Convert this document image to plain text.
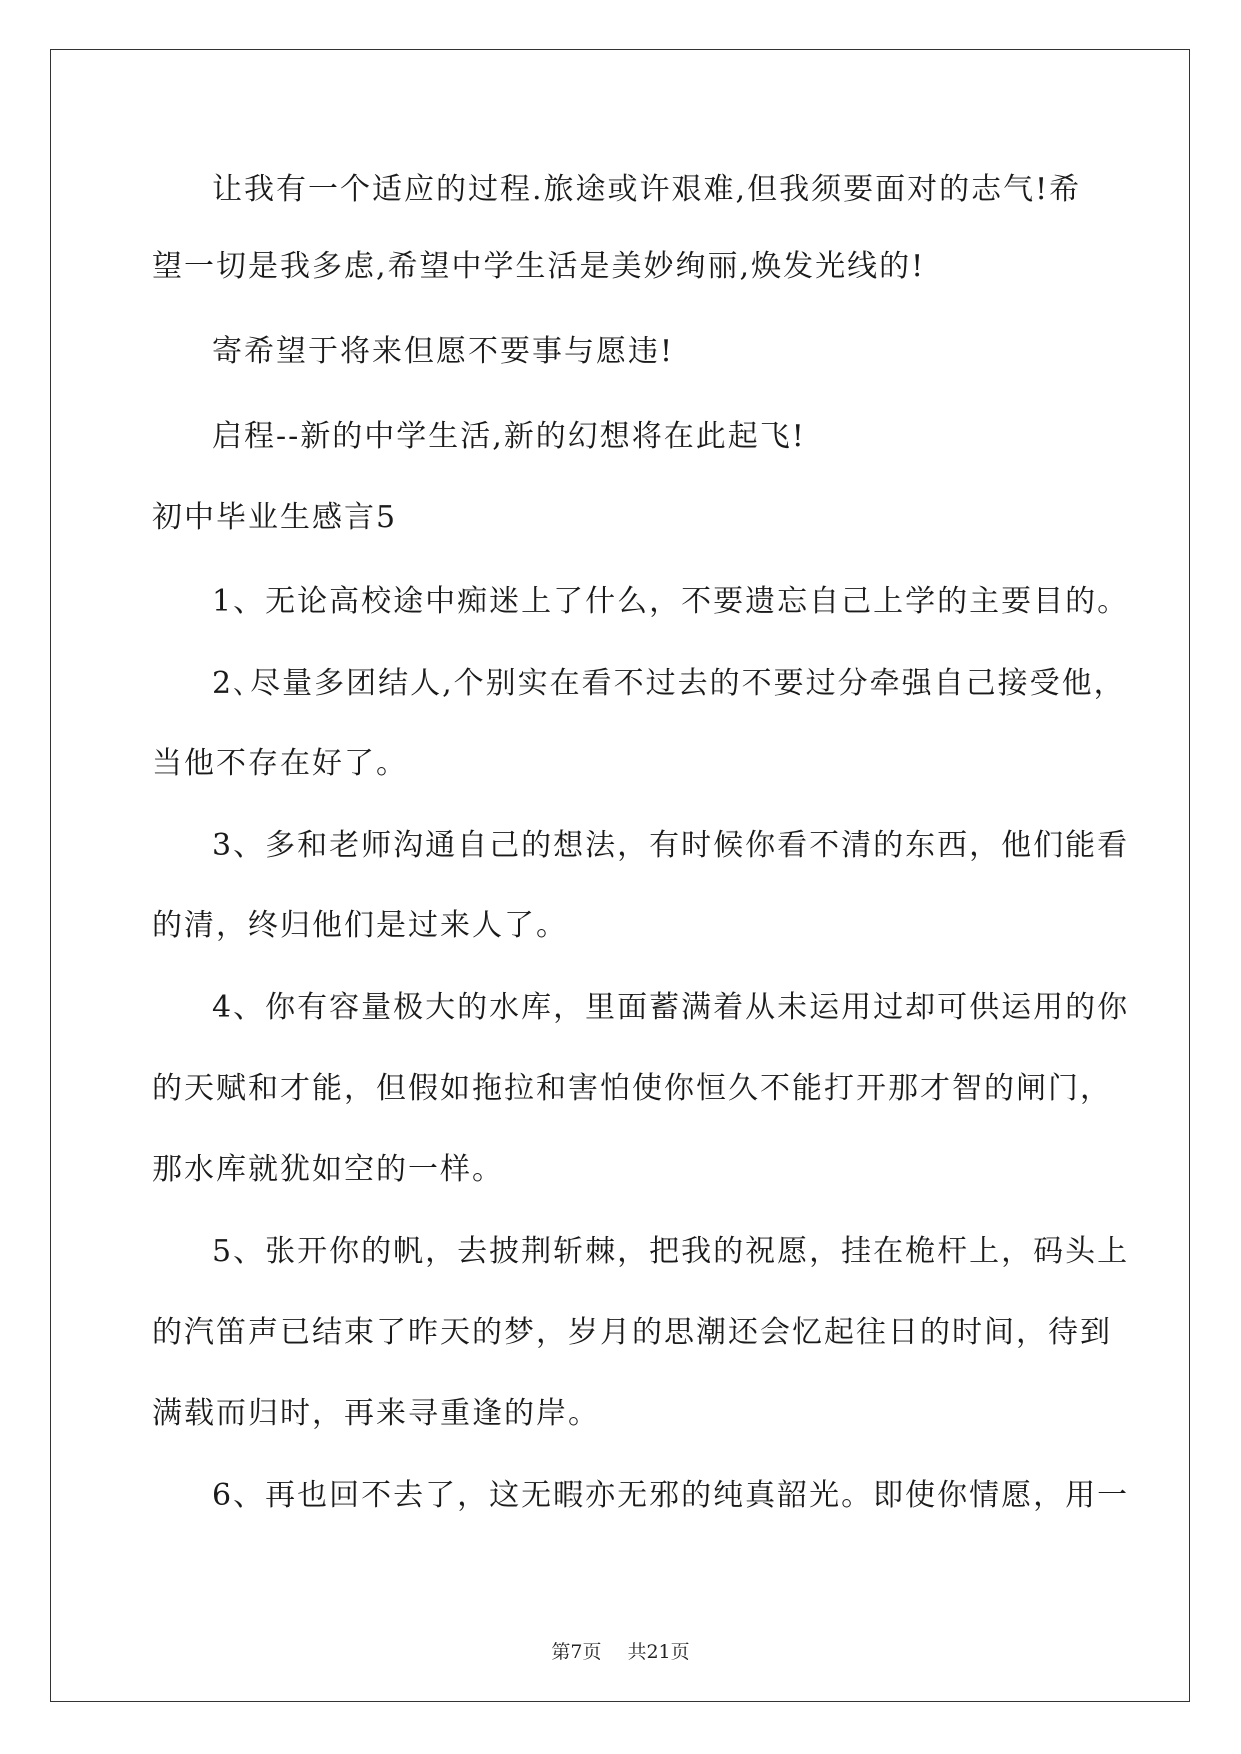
让我有一个适应的过程.旅途或许艰难,但我须要面对的志气!希
望一切是我多虑,希望中学生活是美妙绚丽,焕发光线的!
寄希望于将来但愿不要事与愿违!
启程--新的中学生活,新的幻想将在此起飞!
初中毕业生感言5
1、无论高校途中痴迷上了什么，不要遗忘自己上学的主要目的。
2､尽量多团结人,个别实在看不过去的不要过分牵强自己接受他，
当他不存在好了。
3、多和老师沟通自己的想法，有时候你看不清的东西，他们能看
的清，终归他们是过来人了。
4、你有容量极大的水库，里面蓄满着从未运用过却可供运用的你
的天赋和才能，但假如拖拉和害怕使你恒久不能打开那才智的闸门，
那水库就犹如空的一样。
5、张开你的帆，去披荆斩棘，把我的祝愿，挂在桅杆上，码头上
的汽笛声已结束了昨天的梦，岁月的思潮还会忆起往日的时间，待到
满载而归时，再来寻重逢的岸。
6、再也回不去了，这无暇亦无邪的纯真韶光。即使你情愿，用一
第7页 共21页
